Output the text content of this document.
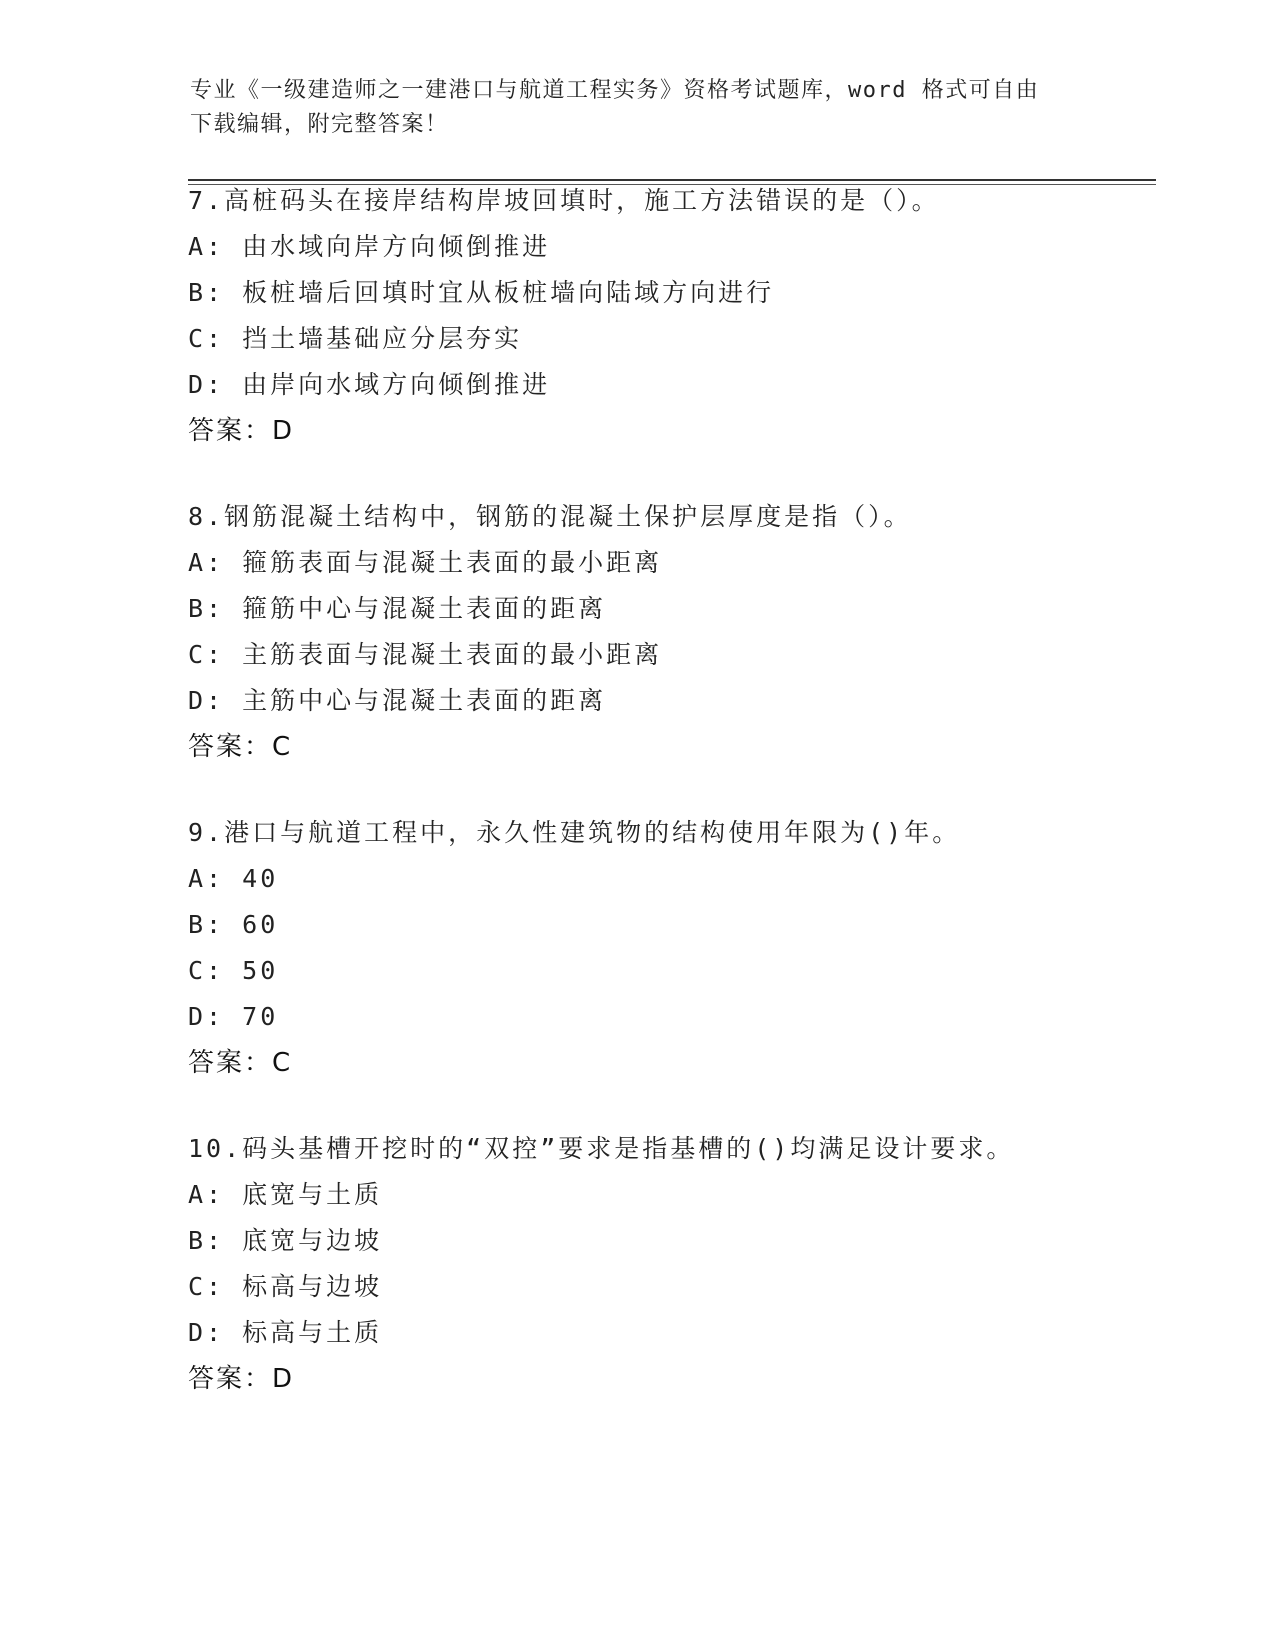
专业《一级建造师之一建港口与航道工程实务》资格考试题库，word 格式可自由
下载编辑，附完整答案！
7.高桩码头在接岸结构岸坡回填时，施工方法错误的是（）。
A: 由水域向岸方向倾倒推进
B: 板桩墙后回填时宜从板桩墙向陆域方向进行
C: 挡土墙基础应分层夯实
D: 由岸向水域方向倾倒推进
答案：D
8.钢筋混凝土结构中，钢筋的混凝土保护层厚度是指（）。
A: 箍筋表面与混凝土表面的最小距离
B: 箍筋中心与混凝土表面的距离
C: 主筋表面与混凝土表面的最小距离
D: 主筋中心与混凝土表面的距离
答案：C
9.港口与航道工程中，永久性建筑物的结构使用年限为()年。
A: 40
B: 60
C: 50
D: 70
答案：C
10.码头基槽开挖时的“双控”要求是指基槽的()均满足设计要求。
A: 底宽与土质
B: 底宽与边坡
C: 标高与边坡
D: 标高与土质
答案：D
